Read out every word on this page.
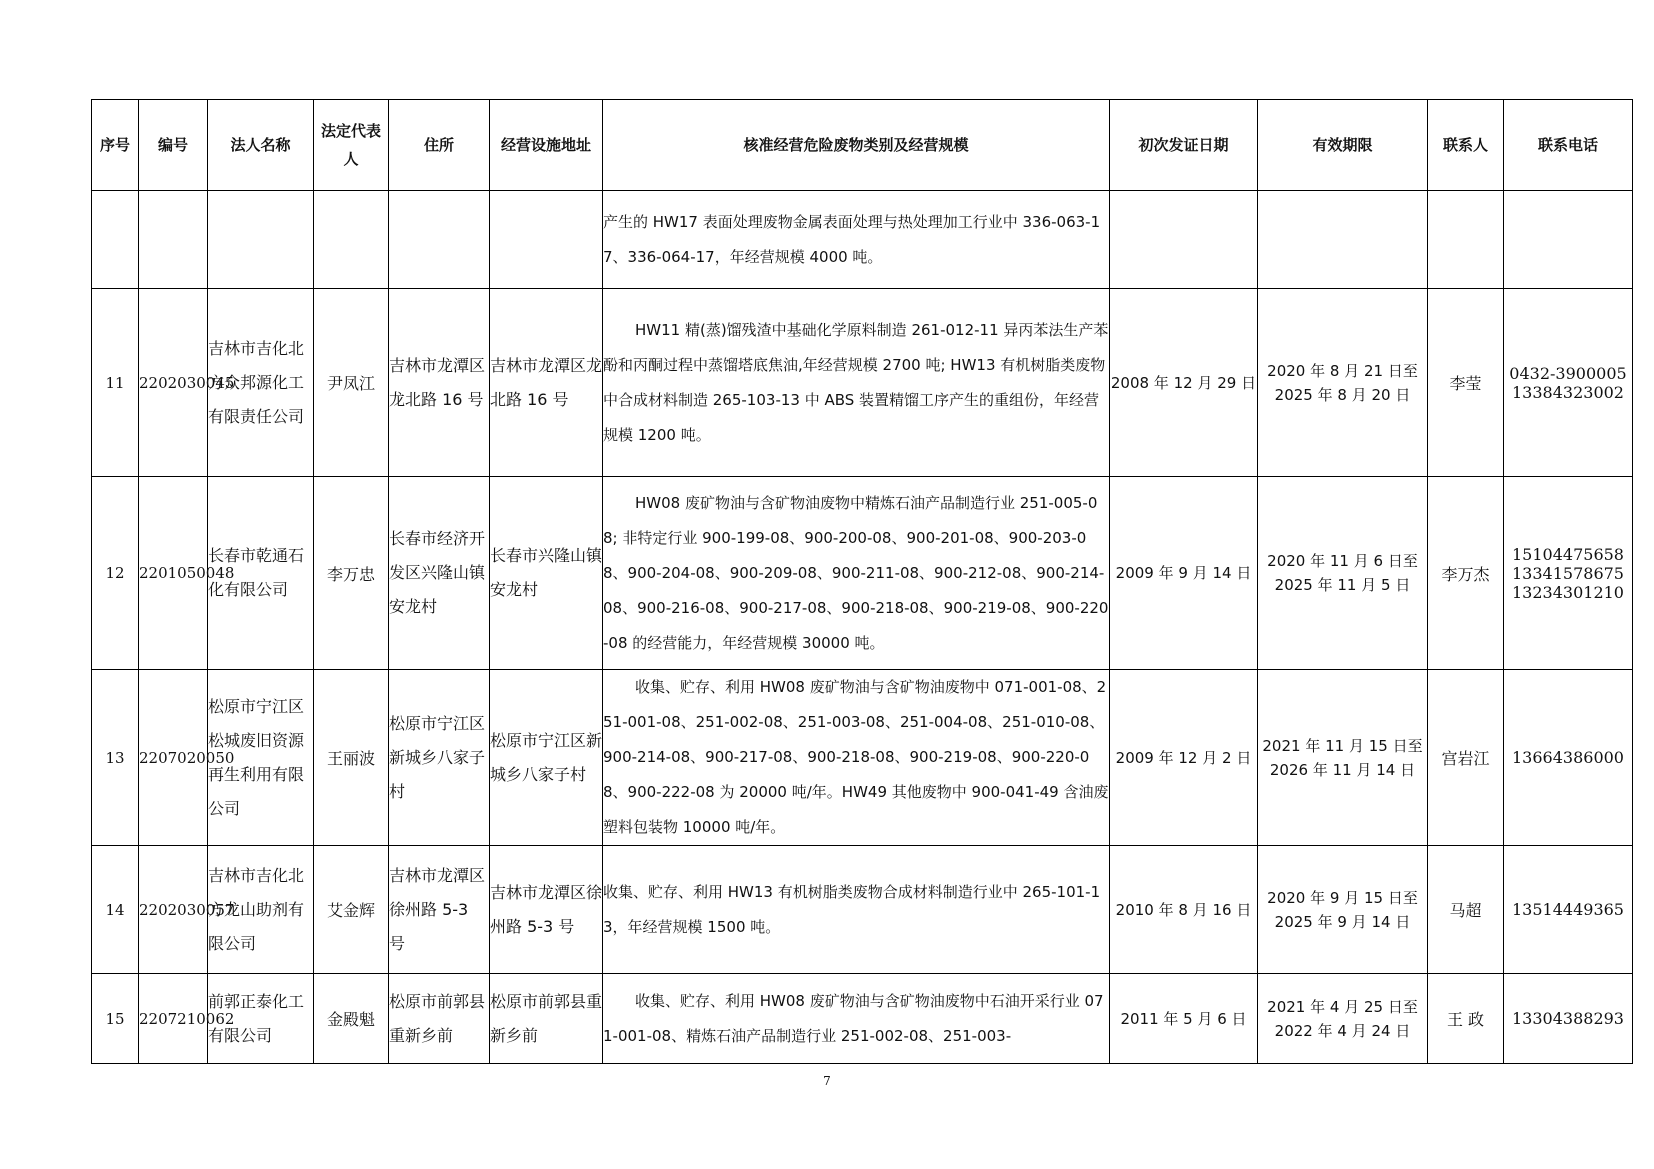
序号	编号	法人名称	法定代表人	住所	经营设施地址	核准经营危险废物类别及经营规模	初次发证日期	有效期限	联系人	联系电话
						产生的 HW17 表面处理废物金属表面处理与热处理加工行业中 336-063-17、336-064-17，年经营规模 4000 吨。				
11	2202030045	吉林市吉化北方众邦源化工有限责任公司	尹凤江	吉林市龙潭区龙北路 16 号	吉林市龙潭区龙北路 16 号	HW11 精(蒸)馏残渣中基础化学原料制造 261-012-11 异丙苯法生产苯酚和丙酮过程中蒸馏塔底焦油,年经营规模 2700 吨; HW13 有机树脂类废物中合成材料制造 265-103-13 中 ABS 装置精馏工序产生的重组份，年经营规模 1200 吨。	2008 年 12 月 29 日	2020 年 8 月 21 日至 2025 年 8 月 20 日	李莹	0432-3900005 13384323002
12	2201050048	长春市乾通石化有限公司	李万忠	长春市经济开发区兴隆山镇安龙村	长春市兴隆山镇安龙村	HW08 废矿物油与含矿物油废物中精炼石油产品制造行业 251-005-08; 非特定行业 900-199-08、900-200-08、900-201-08、900-203-08、900-204-08、900-209-08、900-211-08、900-212-08、900-214-08、900-216-08、900-217-08、900-218-08、900-219-08、900-220-08 的经营能力，年经营规模 30000 吨。	2009 年 9 月 14 日	2020 年 11 月 6 日至 2025 年 11 月 5 日	李万杰	15104475658 13341578675 13234301210
13	2207020050	松原市宁江区松城废旧资源再生利用有限公司	王丽波	松原市宁江区新城乡八家子村	松原市宁江区新城乡八家子村	收集、贮存、利用 HW08 废矿物油与含矿物油废物中 071-001-08、251-001-08、251-002-08、251-003-08、251-004-08、251-010-08、900-214-08、900-217-08、900-218-08、900-219-08、900-220-08、900-222-08 为 20000 吨/年。HW49 其他废物中 900-041-49 含油废塑料包装物 10000 吨/年。	2009 年 12 月 2 日	2021 年 11 月 15 日至 2026 年 11 月 14 日	宫岩江	13664386000
14	2202030057	吉林市吉化北方龙山助剂有限公司	艾金辉	吉林市龙潭区徐州路 5-3 号	吉林市龙潭区徐州路 5-3 号	收集、贮存、利用 HW13 有机树脂类废物合成材料制造行业中 265-101-13，年经营规模 1500 吨。	2010 年 8 月 16 日	2020 年 9 月 15 日至 2025 年 9 月 14 日	马超	13514449365
15	2207210062	前郭正泰化工有限公司	金殿魁	松原市前郭县重新乡前	松原市前郭县重新乡前	收集、贮存、利用 HW08 废矿物油与含矿物油废物中石油开采行业 071-001-08、精炼石油产品制造行业 251-002-08、251-003-	2011 年 5 月 6 日	2021 年 4 月 25 日至 2022 年 4 月 24 日	王 政	13304388293
7
